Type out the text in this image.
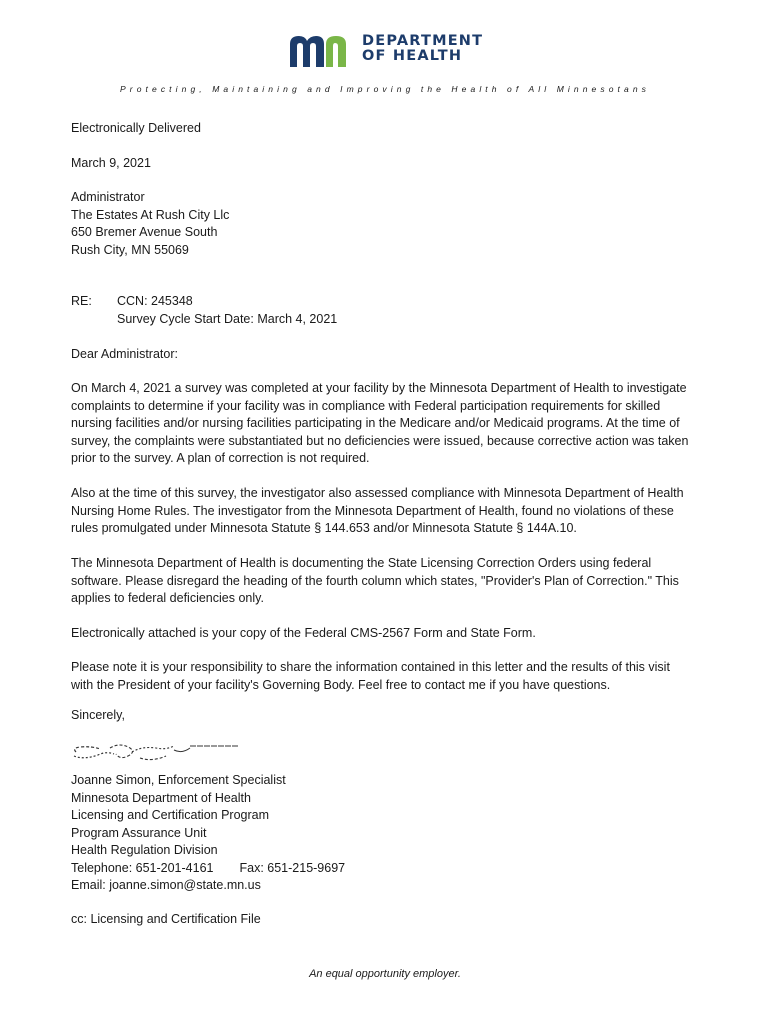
DEPARTMENT
OF HEALTH
Protecting, Maintaining and Improving the Health of All Minnesotans
Electronically Delivered
March 9, 2021
Administrator
The Estates At Rush City Llc
650 Bremer Avenue South
Rush City, MN 55069
RE: CCN: 245348
Survey Cycle Start Date: March 4, 2021
Dear Administrator:
On March 4, 2021 a survey was completed at your facility by the Minnesota Department of Health to investigate
complaints to determine if your facility was in compliance with Federal participation requirements for skilled
nursing facilities and/or nursing facilities participating in the Medicare and/or Medicaid programs. At the time of
survey, the complaints were substantiated but no deficiencies were issued, because corrective action was taken
prior to the survey. A plan of correction is not required.
Also at the time of this survey, the investigator also assessed compliance with Minnesota Department of Health
Nursing Home Rules. The investigator from the Minnesota Department of Health, found no violations of these
rules promulgated under Minnesota Statute § 144.653 and/or Minnesota Statute § 144A.10.
The Minnesota Department of Health is documenting the State Licensing Correction Orders using federal
software. Please disregard the heading of the fourth column which states, "Provider's Plan of Correction." This
applies to federal deficiencies only.
Electronically attached is your copy of the Federal CMS-2567 Form and State Form.
Please note it is your responsibility to share the information contained in this letter and the results of this visit
with the President of your facility's Governing Body. Feel free to contact me if you have questions.
Sincerely,
Joanne Simon, Enforcement Specialist
Minnesota Department of Health
Licensing and Certification Program
Program Assurance Unit
Health Regulation Division
Telephone: 651-201-4161 Fax: 651-215-9697
Email: joanne.simon@state.mn.us
cc: Licensing and Certification File
An equal opportunity employer.
